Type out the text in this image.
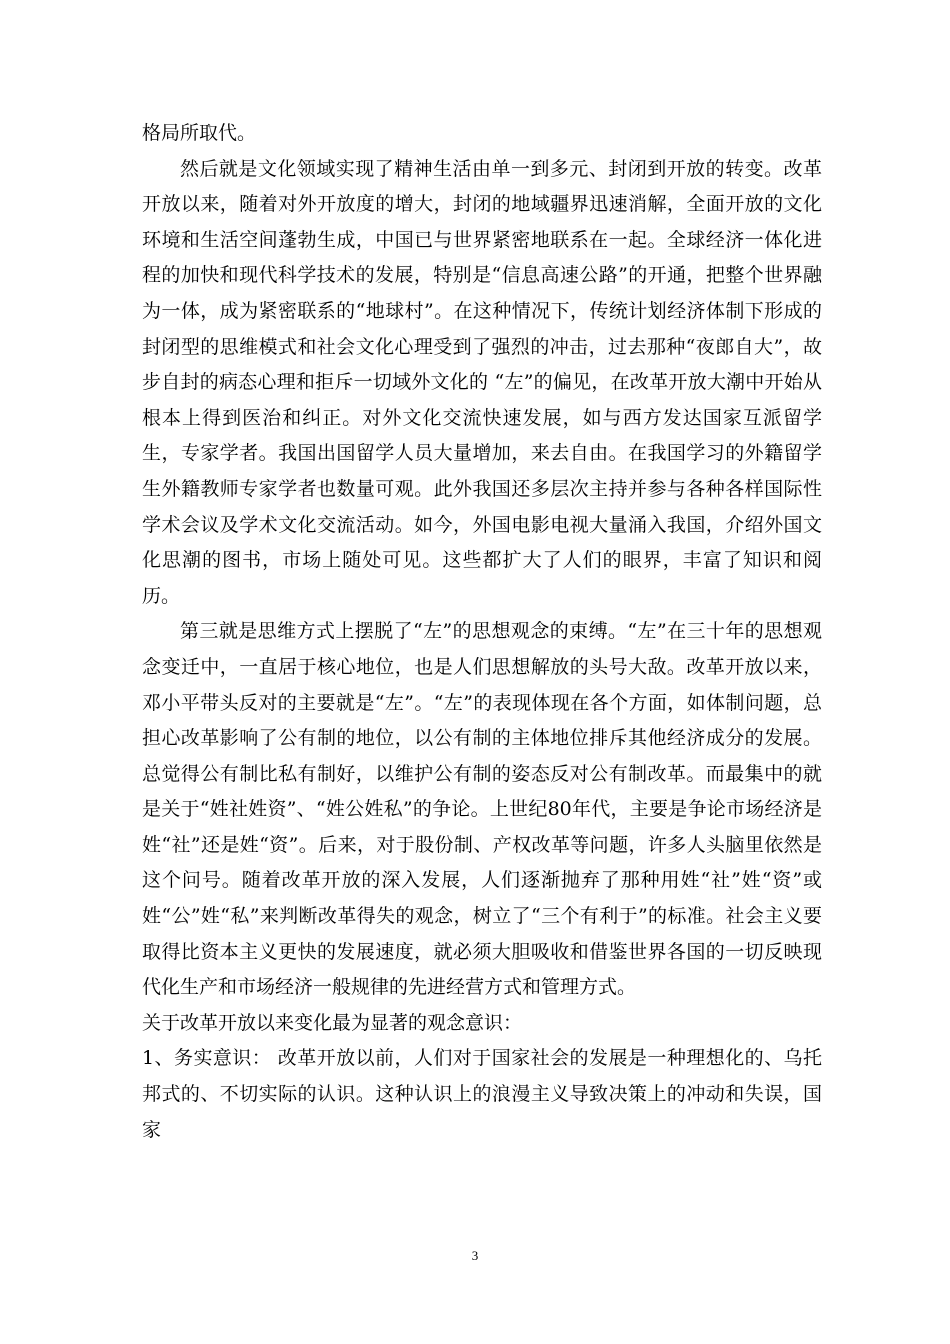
格局所取代。

然后就是文化领域实现了精神生活由单一到多元、封闭到开放的转变。改革开放以来，随着对外开放度的增大，封闭的地域疆界迅速消解，全面开放的文化环境和生活空间蓬勃生成，中国已与世界紧密地联系在一起。全球经济一体化进程的加快和现代科学技术的发展，特别是“信息高速公路”的开通，把整个世界融为一体，成为紧密联系的“地球村”。在这种情况下，传统计划经济体制下形成的封闭型的思维模式和社会文化心理受到了强烈的冲击，过去那种“夜郎自大”，故步自封的病态心理和拒斥一切域外文化的 “左”的偏见，在改革开放大潮中开始从根本上得到医治和纠正。对外文化交流快速发展，如与西方发达国家互派留学生，专家学者。我国出国留学人员大量增加，来去自由。在我国学习的外籍留学生外籍教师专家学者也数量可观。此外我国还多层次主持并参与各种各样国际性学术会议及学术文化交流活动。如今，外国电影电视大量涌入我国，介绍外国文化思潮的图书，市场上随处可见。这些都扩大了人们的眼界，丰富了知识和阅历。

第三就是思维方式上摆脱了“左”的思想观念的束缚。“左”在三十年的思想观念变迁中，一直居于核心地位，也是人们思想解放的头号大敌。改革开放以来，邓小平带头反对的主要就是“左”。“左”的表现体现在各个方面，如体制问题，总担心改革影响了公有制的地位，以公有制的主体地位排斥其他经济成分的发展。总觉得公有制比私有制好，以维护公有制的姿态反对公有制改革。而最集中的就是关于“姓社姓资”、“姓公姓私”的争论。上世纪80年代，主要是争论市场经济是姓“社”还是姓“资”。后来，对于股份制、产权改革等问题，许多人头脑里依然是这个问号。随着改革开放的深入发展，人们逐渐抛弃了那种用姓“社”姓“资”或姓“公”姓“私”来判断改革得失的观念，树立了“三个有利于”的标准。社会主义要取得比资本主义更快的发展速度，就必须大胆吸收和借鉴世界各国的一切反映现代化生产和市场经济一般规律的先进经营方式和管理方式。

关于改革开放以来变化最为显著的观念意识：

1、务实意识： 改革开放以前，人们对于国家社会的发展是一种理想化的、乌托邦式的、不切实际的认识。这种认识上的浪漫主义导致决策上的冲动和失误，国家

3
